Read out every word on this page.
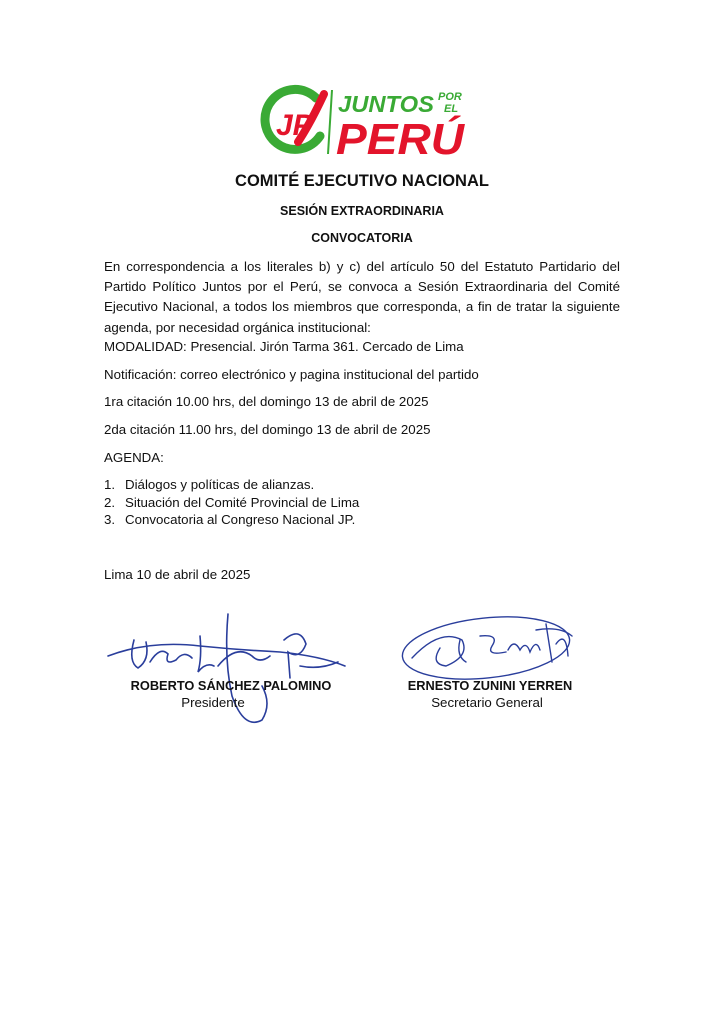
JP
JUNTOS POR
EL
PERÚ
COMITÉ EJECUTIVO NACIONAL
SESIÓN EXTRAORDINARIA
CONVOCATORIA

En correspondencia a los literales b) y c) del artículo 50 del Estatuto Partidario del Partido Político Juntos por el Perú, se convoca a Sesión Extraordinaria del Comité Ejecutivo Nacional, a todos los miembros que corresponda, a fin de tratar la siguiente agenda, por necesidad orgánica institucional:

MODALIDAD: Presencial. Jirón Tarma 361. Cercado de Lima

Notificación: correo electrónico y pagina institucional del partido

1ra citación 10.00 hrs, del domingo 13 de abril de 2025

2da citación 11.00 hrs, del domingo 13 de abril de 2025

AGENDA:

1. Diálogos y políticas de alianzas.
2. Situación del Comité Provincial de Lima
3. Convocatoria al Congreso Nacional JP.

Lima 10 de abril de 2025

ROBERTO SÁNCHEZ PALOMINO

Presidente

ERNESTO ZUNINI YERREN

Secretario General
